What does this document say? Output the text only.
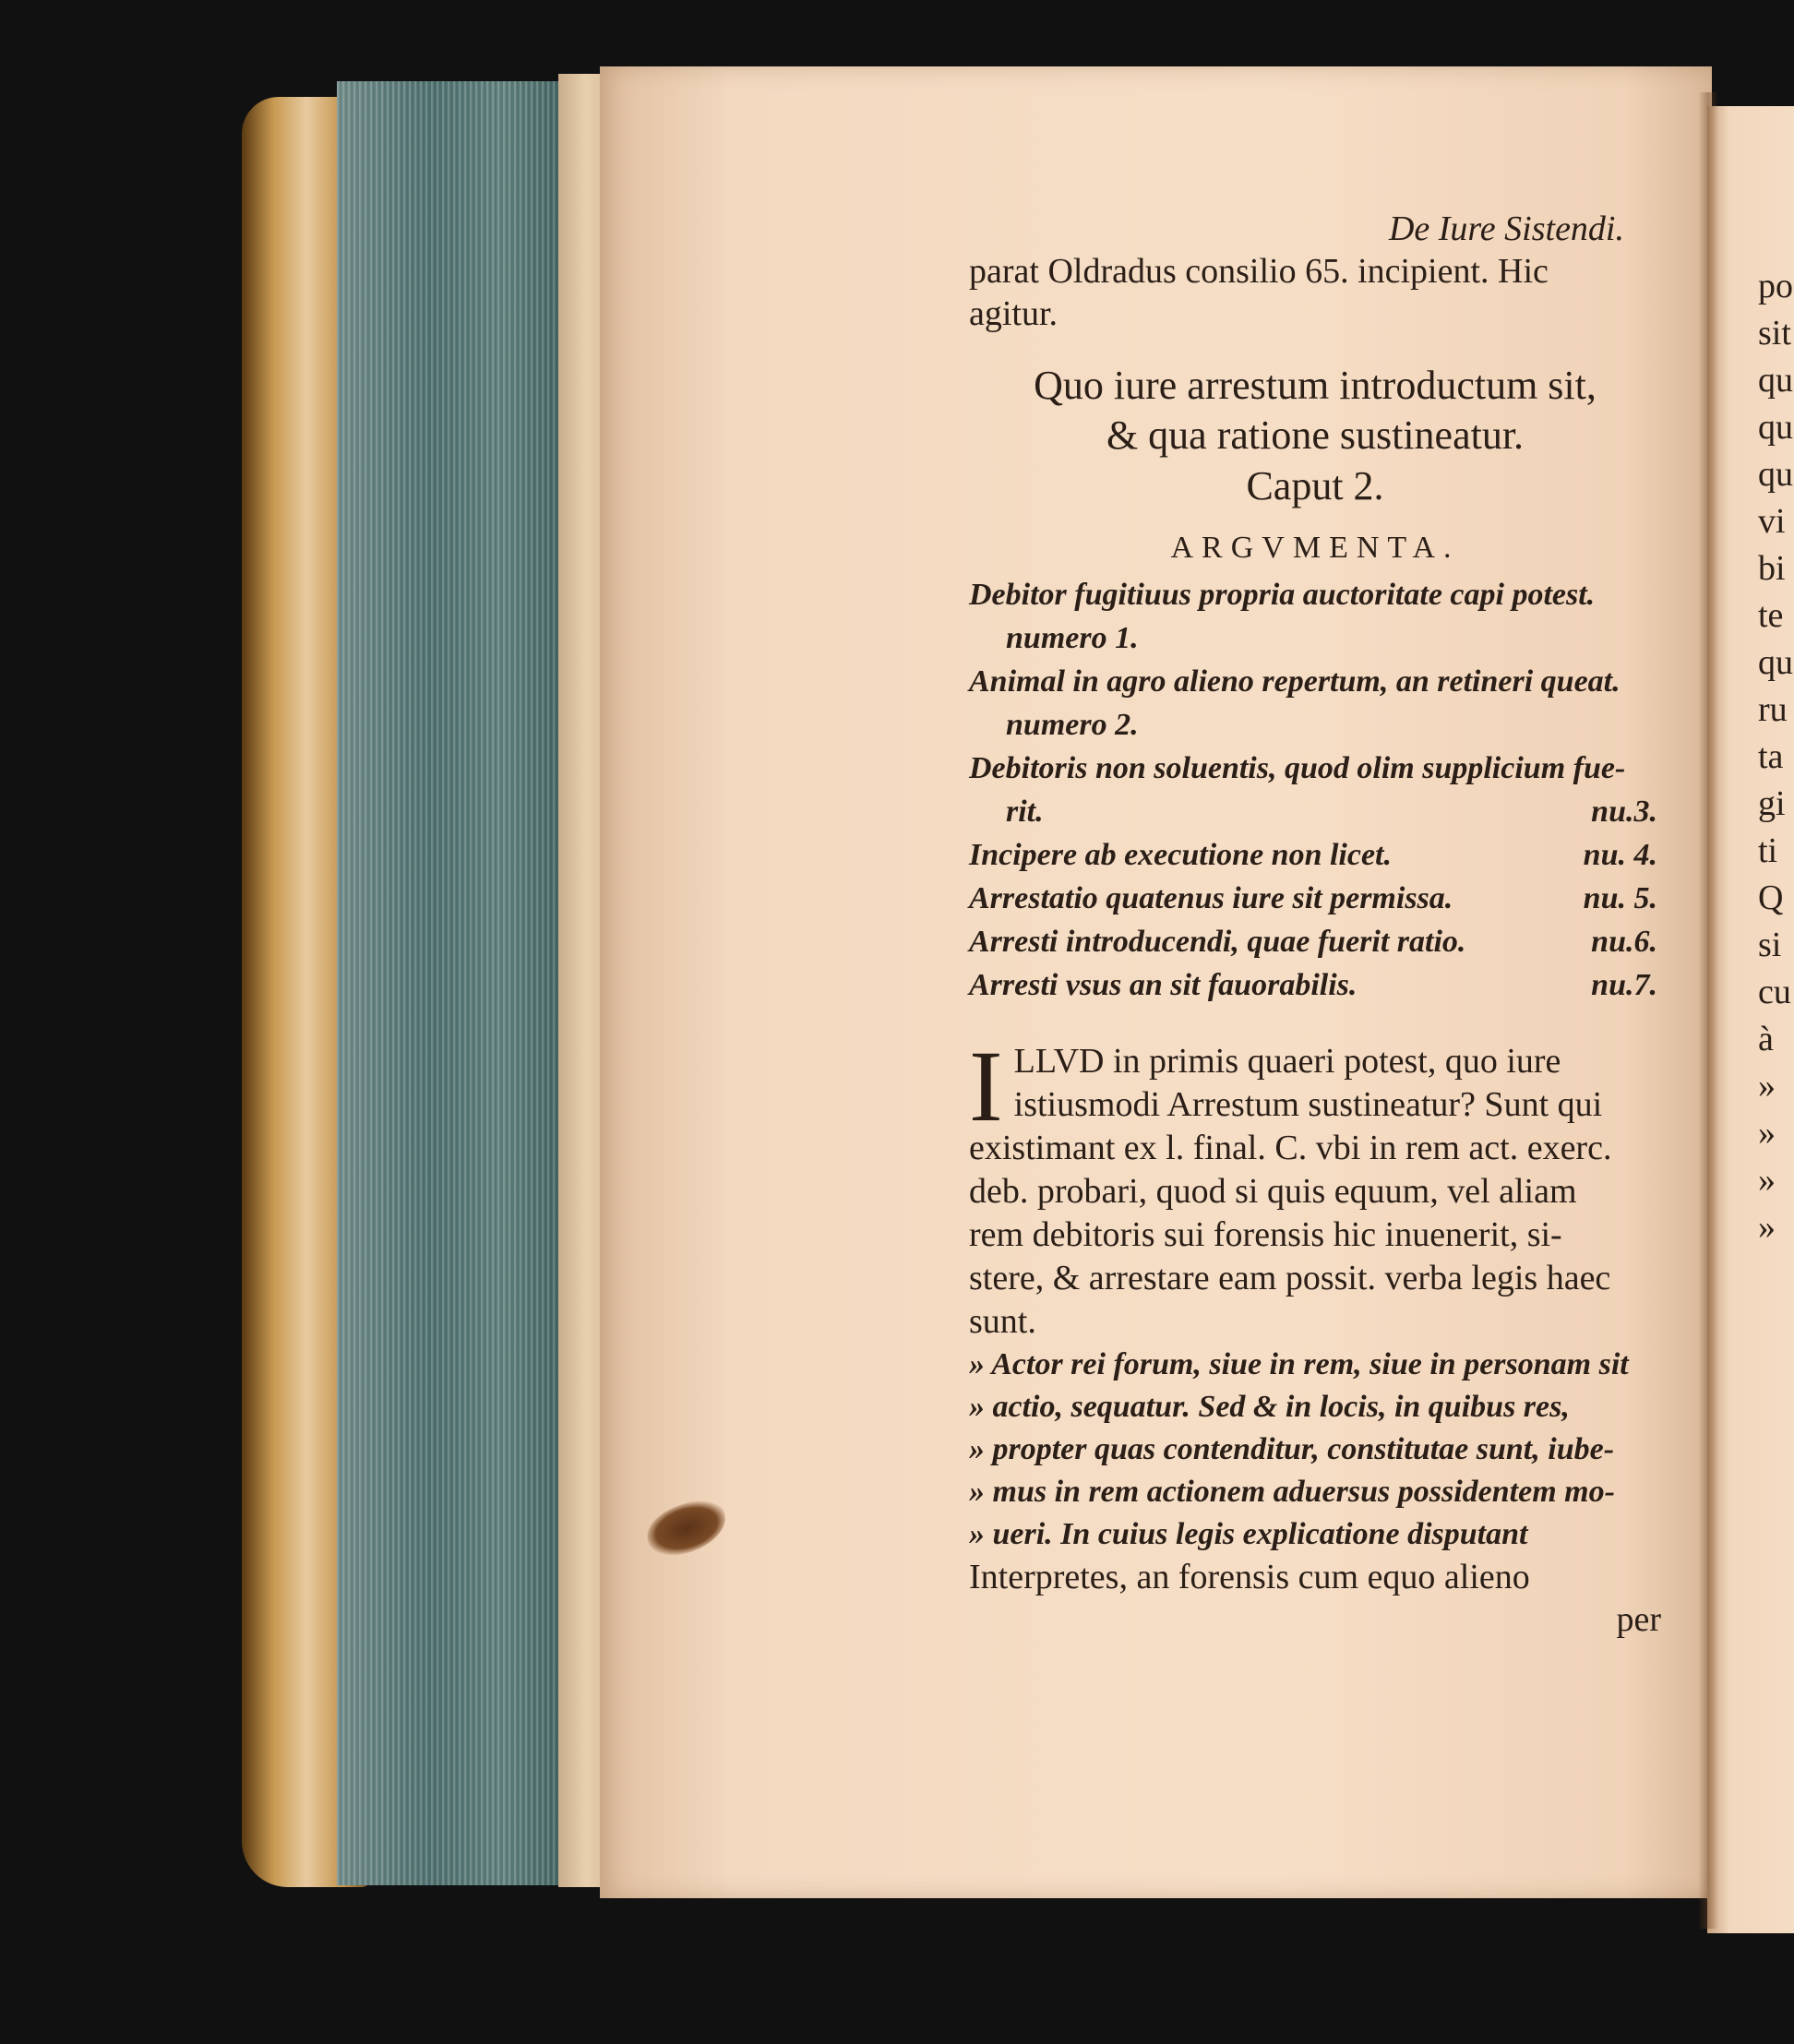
po
sit
qu
qu
qu
vi
bi
te
qu
ru
ta
gi
ti
Q
si
cu
à
»
»
»
»
De Iure Sistendi.
parat Oldradus consilio 65. incipient. Hic
agitur.
Quo iure arrestum introductum sit,
& qua ratione sustineatur.
Caput 2.
ARGVMENTA.
Debitor fugitiuus propria auctoritate capi potest.
numero 1.
Animal in agro alieno repertum, an retineri queat.
numero 2.
Debitoris non soluentis, quod olim supplicium fue-
nu.3.
rit.
nu. 4.
Incipere ab executione non licet.
nu. 5.
Arrestatio quatenus iure sit permissa.
nu.6.
Arresti introducendi, quae fuerit ratio.
nu.7.
Arresti vsus an sit fauorabilis.
I LLVD in primis quaeri potest, quo iure
istiusmodi Arrestum sustineatur? Sunt qui
existimant ex l. final. C. vbi in rem act. exerc.
deb. probari, quod si quis equum, vel aliam
rem debitoris sui forensis hic inuenerit, si-
stere, & arrestare eam possit. verba legis haec
sunt.
» Actor rei forum, siue in rem, siue in personam sit
» actio, sequatur. Sed & in locis, in quibus res,
» propter quas contenditur, constitutae sunt, iube-
» mus in rem actionem aduersus possidentem mo-
» ueri. In cuius legis explicatione disputant
Interpretes, an forensis cum equo alieno
per
